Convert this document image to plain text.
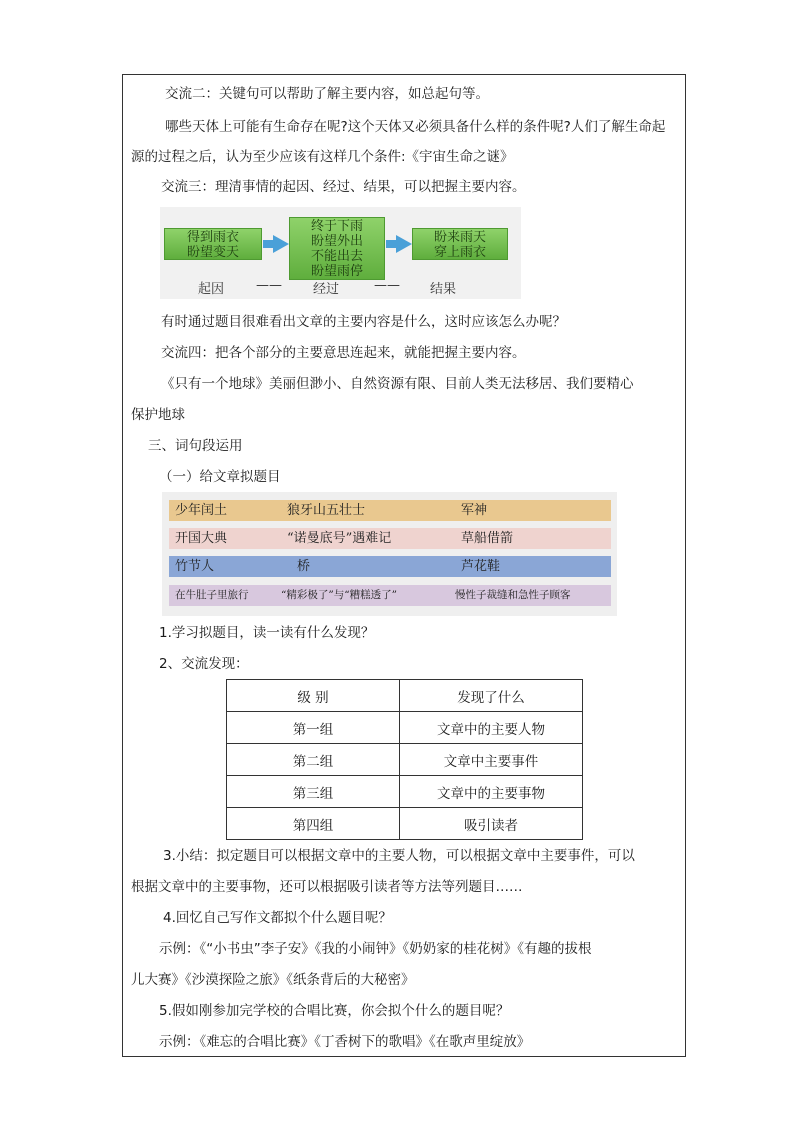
交流二：关键句可以帮助了解主要内容，如总起句等。
哪些天体上可能有生命存在呢?这个天体又必须具备什么样的条件呢?人们了解生命起
源的过程之后，认为至少应该有这样几个条件:《宇宙生命之谜》
交流三：理清事情的起因、经过、结果，可以把握主要内容。
得到雨衣
盼望变天
终于下雨
盼望外出
不能出去
盼望雨停
盼来雨天
穿上雨衣
起因 —— 经过	—— 结果
有时通过题目很难看出文章的主要内容是什么，这时应该怎么办呢？
交流四：把各个部分的主要意思连起来，就能把握主要内容。
《只有一个地球》美丽但渺小、自然资源有限、目前人类无法移居、我们要精心
保护地球
三、词句段运用
（一）给文章拟题目
少年闰土	狼牙山五壮士	军神
开国大典	“诺曼底号”遇难记	草船借箭
竹节人	桥	芦花鞋
在牛肚子里旅行	“精彩极了”与“糟糕透了”	慢性子裁缝和急性子顾客
1.学习拟题目，读一读有什么发现？
2、交流发现：
级 别	发现了什么
第一组	文章中的主要人物
第二组	文章中主要事件
第三组	文章中的主要事物
第四组	吸引读者
3.小结：拟定题目可以根据文章中的主要人物，可以根据文章中主要事件，可以
根据文章中的主要事物，还可以根据吸引读者等方法等列题目……
4.回忆自己写作文都拟个什么题目呢？
示例：《“小书虫”李子安》《我的小闹钟》《奶奶家的桂花树》《有趣的拔根
儿大赛》《沙漠探险之旅》《纸条背后的大秘密》
5.假如刚参加完学校的合唱比赛，你会拟个什么的题目呢？
示例：《难忘的合唱比赛》《丁香树下的歌唱》《在歌声里绽放》
